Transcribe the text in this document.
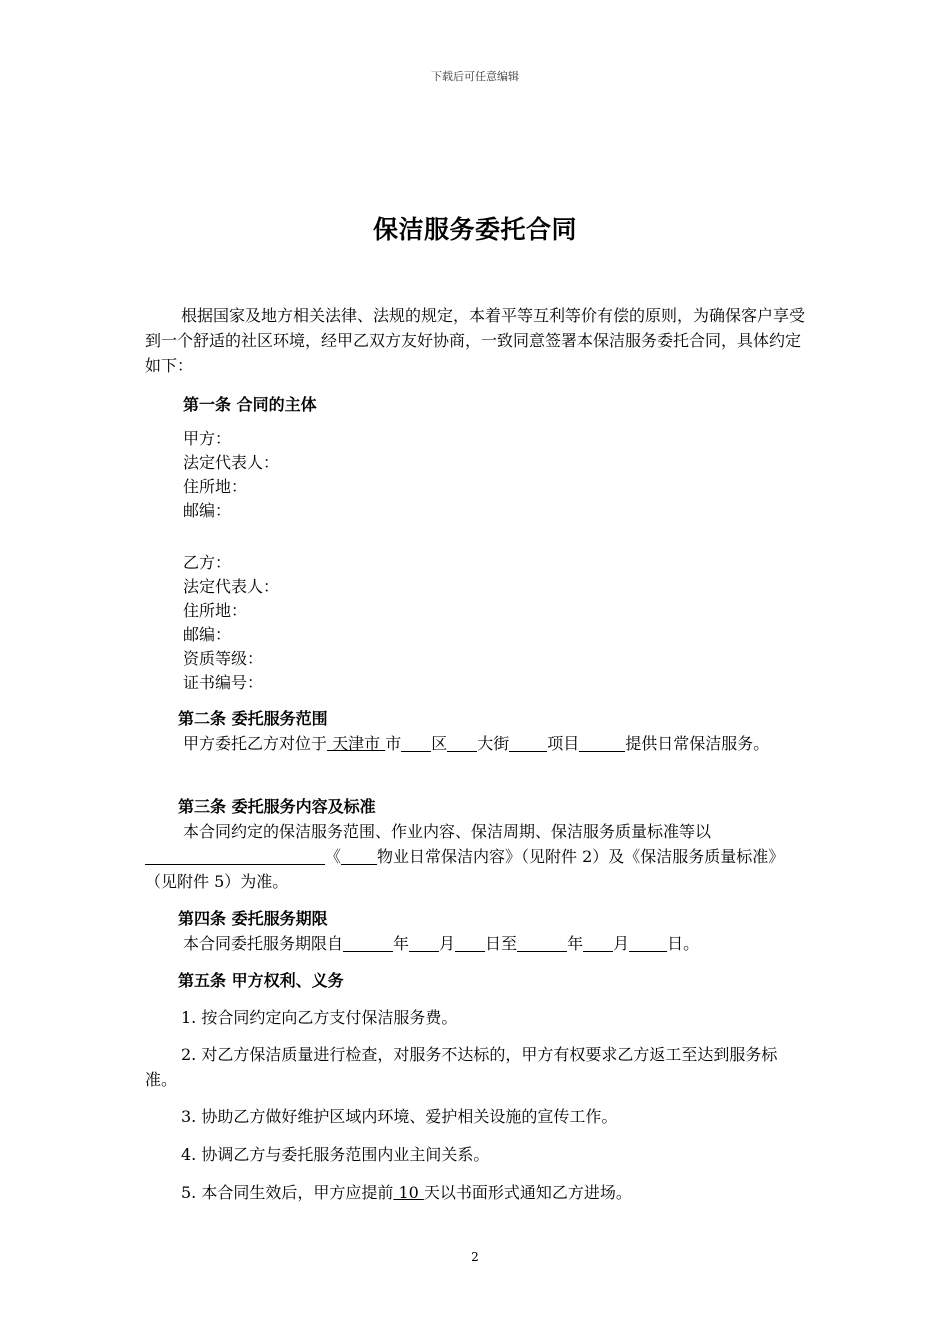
下载后可任意编辑
保洁服务委托合同
根据国家及地方相关法律、法规的规定，本着平等互利等价有偿的原则，为确保客户享受到一个舒适的社区环境，经甲乙双方友好协商，一致同意签署本保洁服务委托合同，具体约定如下：
第一条 合同的主体
甲方：
法定代表人：
住所地：
邮编：
乙方：
法定代表人：
住所地：
邮编：
资质等级：
证书编号：
第二条 委托服务范围
甲方委托乙方对位于 天津市 市 区 大街 项目	提供日常保洁服务。
第三条 委托服务内容及标准
本合同约定的保洁服务范围、作业内容、保洁周期、保洁服务质量标准等以《 物业日常保洁内容》（见附件 2）及《保洁服务质量标准》（见附件 5）为准。
第四条 委托服务期限
本合同委托服务期限自	年 月 日至	年 月 日。
第五条 甲方权利、义务
1. 按合同约定向乙方支付保洁服务费。
2. 对乙方保洁质量进行检查，对服务不达标的，甲方有权要求乙方返工至达到服务标准。
3. 协助乙方做好维护区域内环境、爱护相关设施的宣传工作。
4. 协调乙方与委托服务范围内业主间关系。
5. 本合同生效后，甲方应提前 10 天以书面形式通知乙方进场。
2
